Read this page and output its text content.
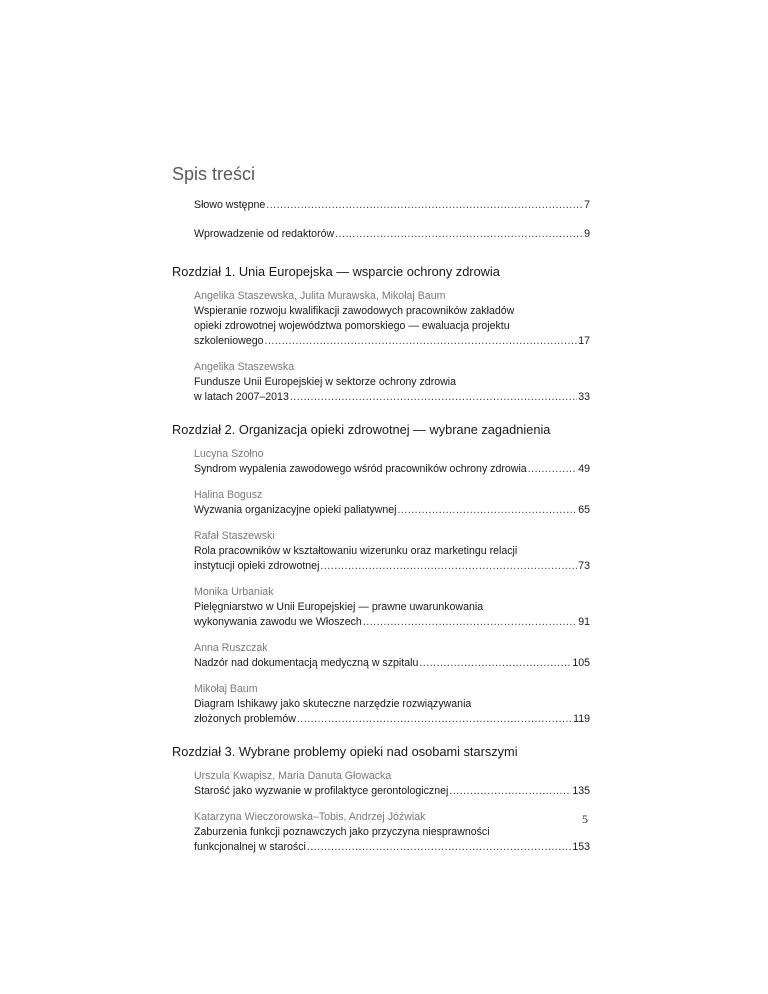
Spis treści
Słowo wstępne .....	7
Wprowadzenie od redaktorów .....	9
Rozdział 1. Unia Europejska — wsparcie ochrony zdrowia
Angelika Staszewska, Julita Murawska, Mikołaj Baum
Wspieranie rozwoju kwalifikacji zawodowych pracowników zakładów
opieki zdrowotnej województwa pomorskiego — ewaluacja projektu
szkoleniowego .....	17
Angelika Staszewska
Fundusze Unii Europejskiej w sektorze ochrony zdrowia
w latach 2007–2013 .....	33
Rozdział 2. Organizacja opieki zdrowotnej — wybrane zagadnienia
Lucyna Szołno
Syndrom wypalenia zawodowego wśród pracowników ochrony zdrowia .....	49
Halina Bogusz
Wyzwania organizacyjne opieki paliatywnej .....	65
Rafał Staszewski
Rola pracowników w kształtowaniu wizerunku oraz marketingu relacji
instytucji opieki zdrowotnej .....	73
Monika Urbaniak
Pielęgniarstwo w Unii Europejskiej — prawne uwarunkowania
wykonywania zawodu we Włoszech .....	91
Anna Ruszczak
Nadzór nad dokumentacją medyczną w szpitalu .....	105
Mikołaj Baum
Diagram Ishikawy jako skuteczne narzędzie rozwiązywania
złożonych problemów .....	119
Rozdział 3. Wybrane problemy opieki nad osobami starszymi
Urszula Kwapisz, Maria Danuta Głowacka
Starość jako wyzwanie w profilaktyce gerontologicznej .....	135
Katarzyna Wieczorowska–Tobis, Andrzej Jóźwiak
Zaburzenia funkcji poznawczych jako przyczyna niesprawności
funkcjonalnej w starości .....	153
5
